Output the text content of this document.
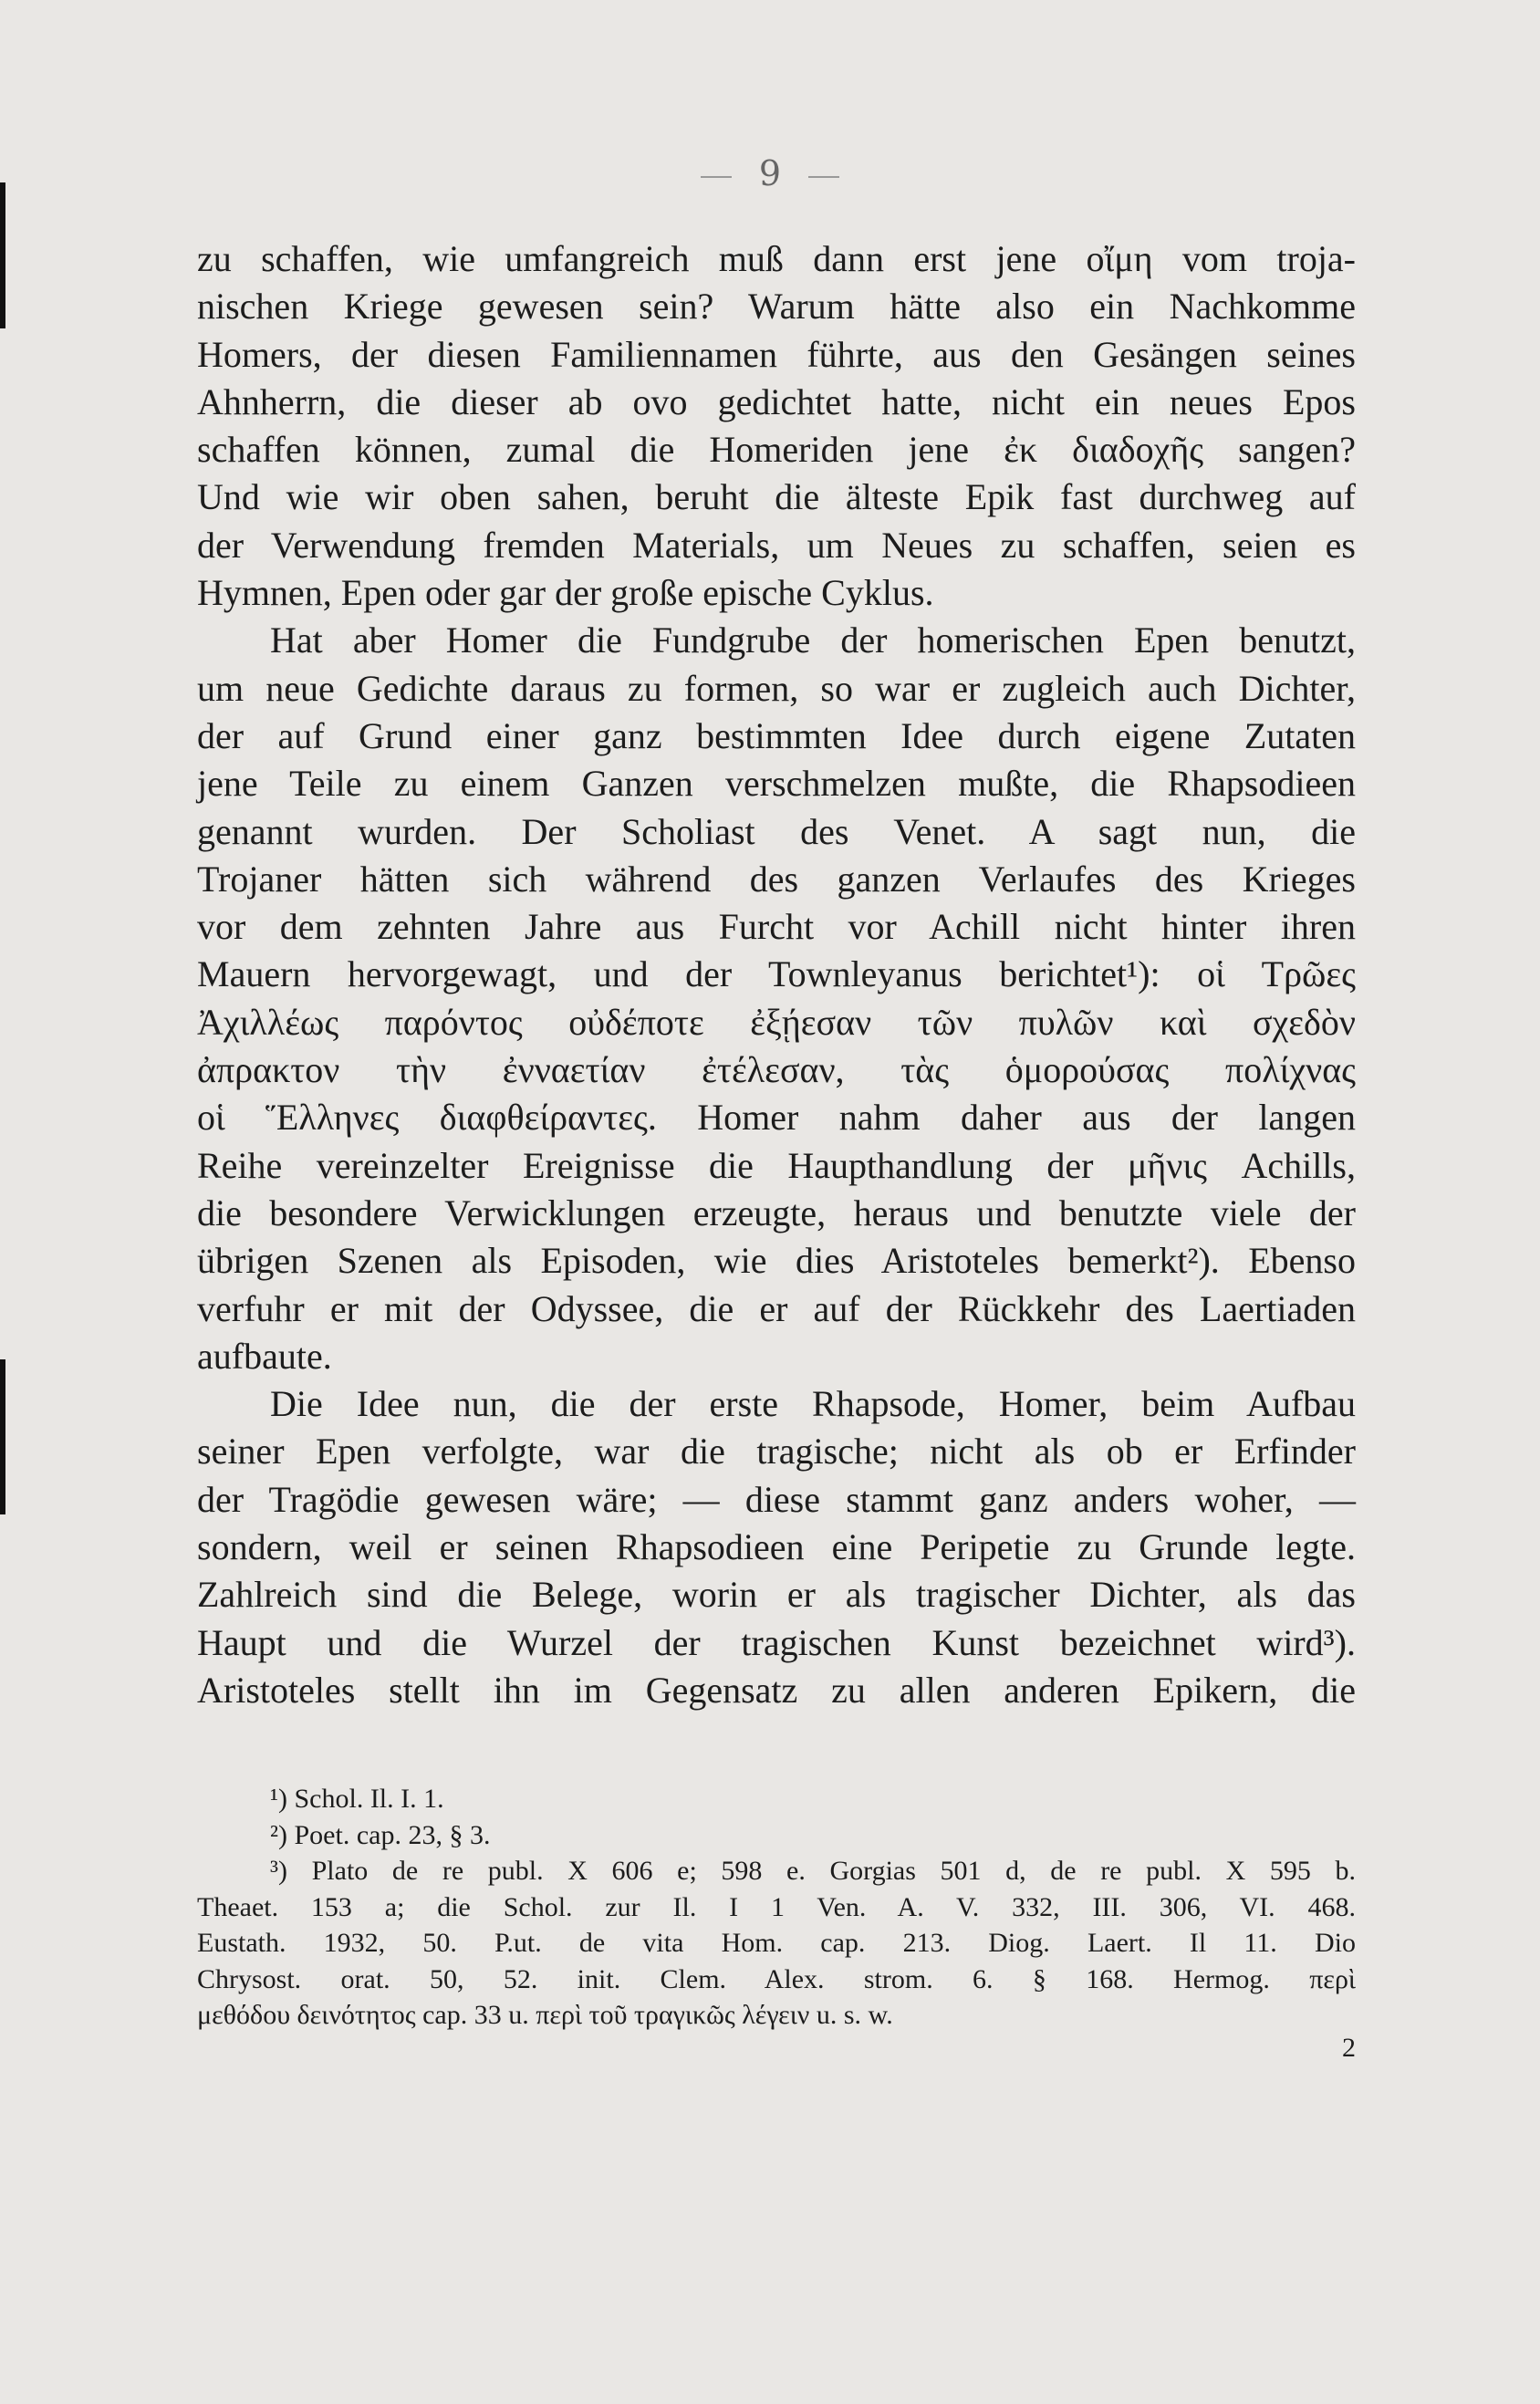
9
zu schaffen, wie umfangreich muß dann erst jene οἴμη vom troja-
nischen Kriege gewesen sein? Warum hätte also ein Nachkomme
Homers, der diesen Familiennamen führte, aus den Gesängen seines
Ahnherrn, die dieser ab ovo gedichtet hatte, nicht ein neues Epos
schaffen können, zumal die Homeriden jene ἐκ διαδοχῆς sangen?
Und wie wir oben sahen, beruht die älteste Epik fast durchweg auf
der Verwendung fremden Materials, um Neues zu schaffen, seien es
Hymnen, Epen oder gar der große epische Cyklus.
Hat aber Homer die Fundgrube der homerischen Epen benutzt,
um neue Gedichte daraus zu formen, so war er zugleich auch Dichter,
der auf Grund einer ganz bestimmten Idee durch eigene Zutaten
jene Teile zu einem Ganzen verschmelzen mußte, die Rhapsodieen
genannt wurden. Der Scholiast des Venet. A sagt nun, die
Trojaner hätten sich während des ganzen Verlaufes des Krieges
vor dem zehnten Jahre aus Furcht vor Achill nicht hinter ihren
Mauern hervorgewagt, und der Townleyanus berichtet¹): οἱ Τρῶες
Ἀχιλλέως παρόντος οὐδέποτε ἐξῄεσαν τῶν πυλῶν καὶ σχεδὸν
ἀπρακτον τὴν ἐνναετίαν ἐτέλεσαν, τὰς ὁμορούσας πολίχνας
οἱ Ἕλληνες διαφθείραντες. Homer nahm daher aus der langen
Reihe vereinzelter Ereignisse die Haupthandlung der μῆνις Achills,
die besondere Verwicklungen erzeugte, heraus und benutzte viele der
übrigen Szenen als Episoden, wie dies Aristoteles bemerkt²). Ebenso
verfuhr er mit der Odyssee, die er auf der Rückkehr des Laertiaden
aufbaute.
Die Idee nun, die der erste Rhapsode, Homer, beim Aufbau
seiner Epen verfolgte, war die tragische; nicht als ob er Erfinder
der Tragödie gewesen wäre; — diese stammt ganz anders woher, —
sondern, weil er seinen Rhapsodieen eine Peripetie zu Grunde legte.
Zahlreich sind die Belege, worin er als tragischer Dichter, als das
Haupt und die Wurzel der tragischen Kunst bezeichnet wird³).
Aristoteles stellt ihn im Gegensatz zu allen anderen Epikern, die
¹) Schol. Il. I. 1.
²) Poet. cap. 23, § 3.
³) Plato de re publ. X 606 e; 598 e. Gorgias 501 d, de re publ. X 595 b.
Theaet. 153 a; die Schol. zur Il. I 1 Ven. A. V. 332, III. 306, VI. 468.
Eustath. 1932, 50. P.ut. de vita Hom. cap. 213. Diog. Laert. Il 11. Dio
Chrysost. orat. 50, 52. init. Clem. Alex. strom. 6. § 168. Hermog. περὶ
μεθόδου δεινότητος cap. 33 u. περὶ τοῦ τραγικῶς λέγειν u. s. w.
2
